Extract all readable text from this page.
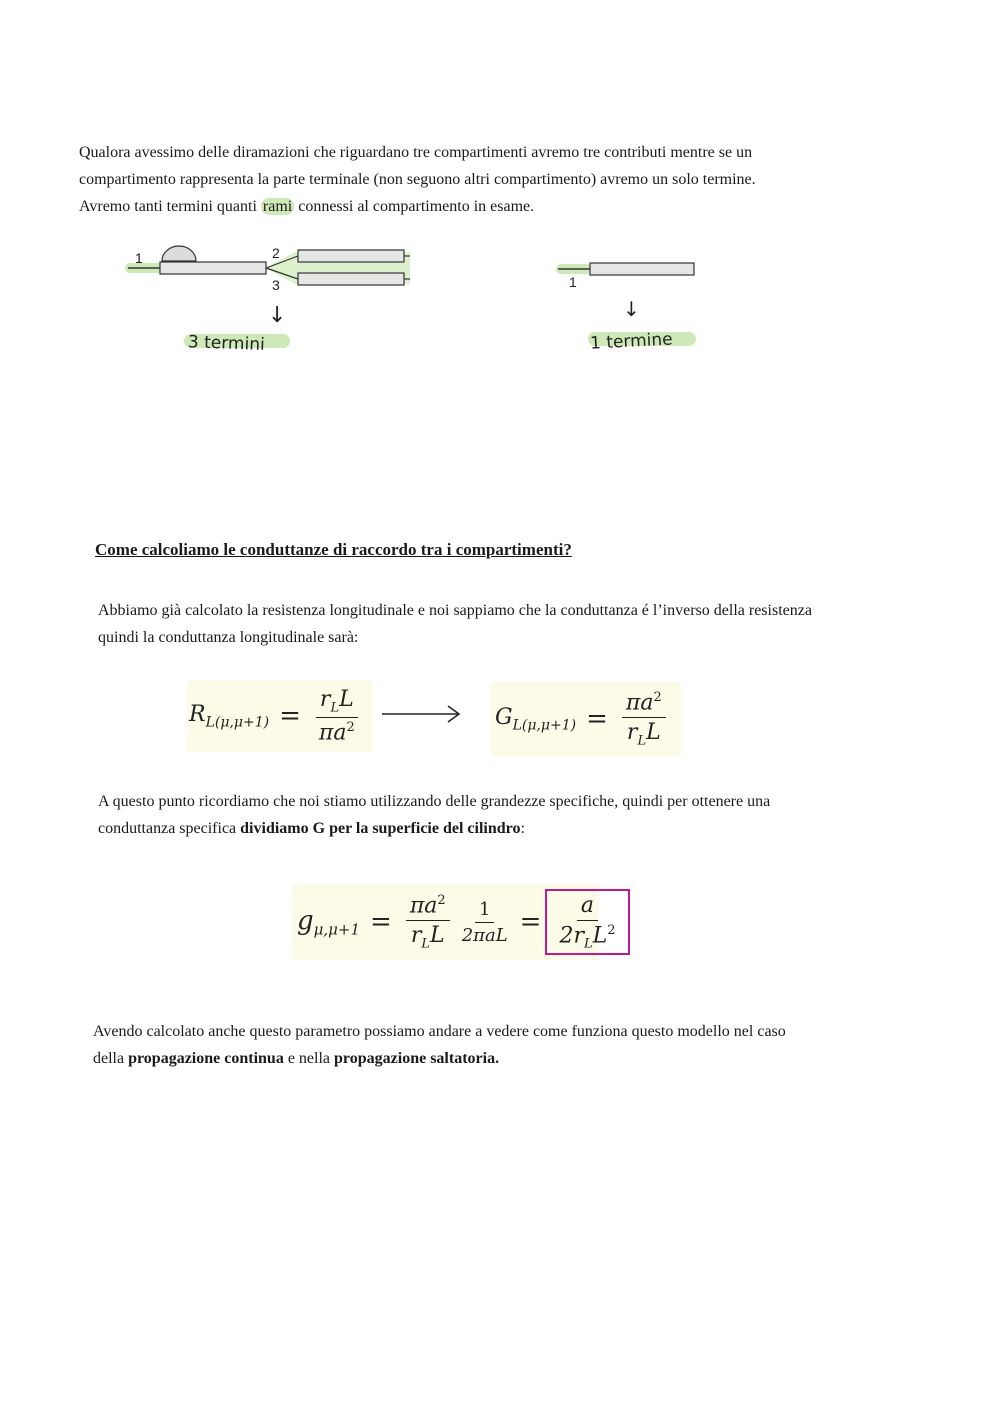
Qualora avessimo delle diramazioni che riguardano tre compartimenti avremo tre contributi mentre se un

compartimento rappresenta la parte terminale (non seguono altri compartimento) avremo un solo termine.

Avremo tanti termini quanti rami connessi al compartimento in esame.

1	2
3
↓
3 termini
1
↓
1 termine
Come calcoliamo le conduttanze di raccordo tra i compartimenti?

Abbiamo già calcolato la resistenza longitudinale e noi sappiamo che la conduttanza é l’inverso della resistenza

quindi la conduttanza longitudinale sarà:

$R_{L(\mu,\mu+1)} = \frac{r_LL}{\pi a^2}$	$G_{L(\mu,\mu+1)} = \frac{\pi a^2}{r_LL}$

A questo punto ricordiamo che noi stiamo utilizzando delle grandezze specifiche, quindi per ottenere una

conduttanza specifica dividiamo G per la superficie del cilindro:

$g_{\mu,\mu+1} = \frac{\pi a^2}{r_LL} \frac{1}{\text{2πaL}} = \frac{a}{2r_LL^2}$

Avendo calcolato anche questo parametro possiamo andare a vedere come funziona questo modello nel caso

della propagazione continua e nella propagazione saltatoria.
